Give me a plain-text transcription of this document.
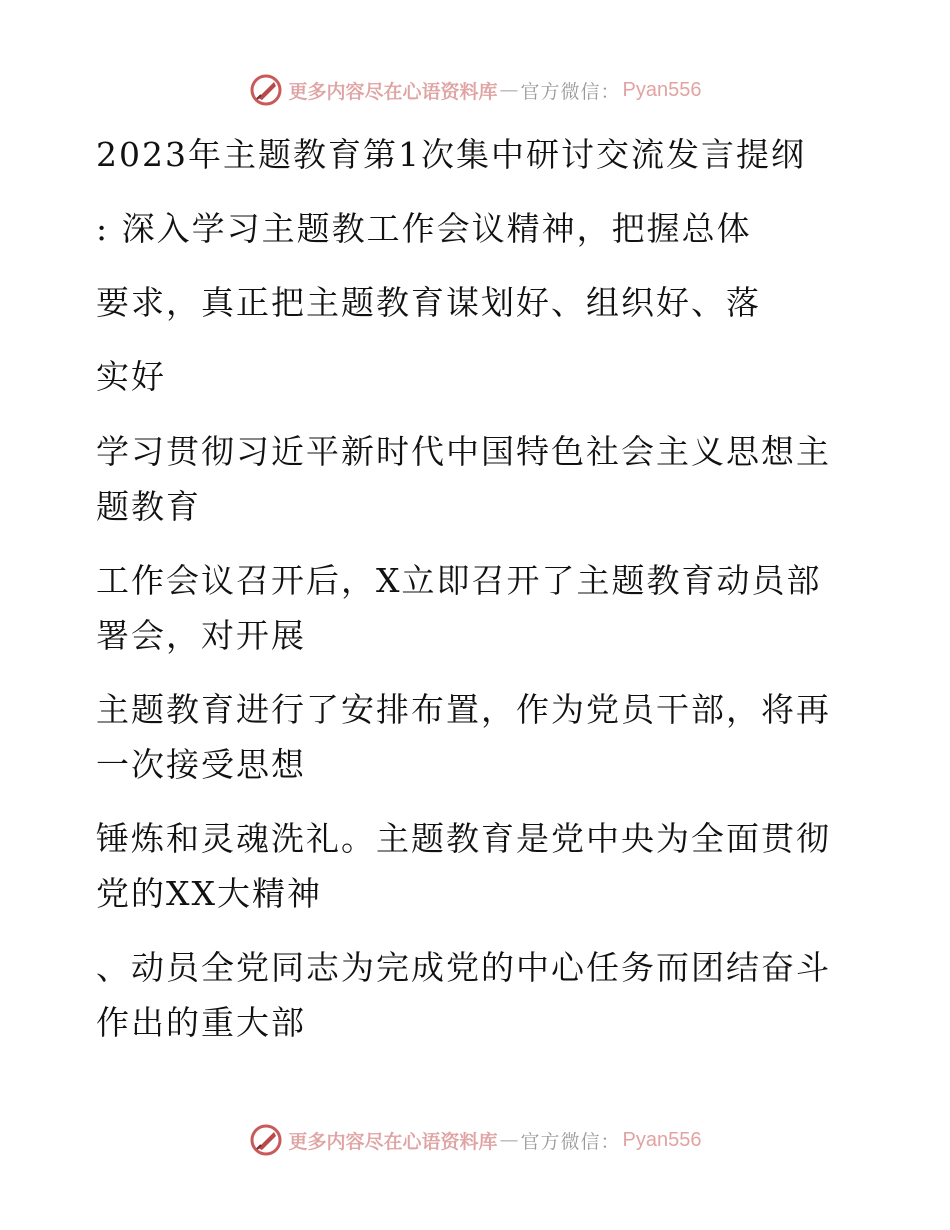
更多内容尽在心语资料库 — 官方微信： Pyan556
2023年主题教育第1次集中研讨交流发言提纲
: 深入学习主题教工作会议精神，把握总体
要求，真正把主题教育谋划好、组织好、落
实好

学习贯彻习近平新时代中国特色社会主义思想主题教育

工作会议召开后，X立即召开了主题教育动员部署会，对开展

主题教育进行了安排布置，作为党员干部，将再一次接受思想

锤炼和灵魂洗礼。主题教育是党中央为全面贯彻党的XX大精神

、动员全党同志为完成党的中心任务而团结奋斗作出的重大部

更多内容尽在心语资料库 — 官方微信： Pyan556
